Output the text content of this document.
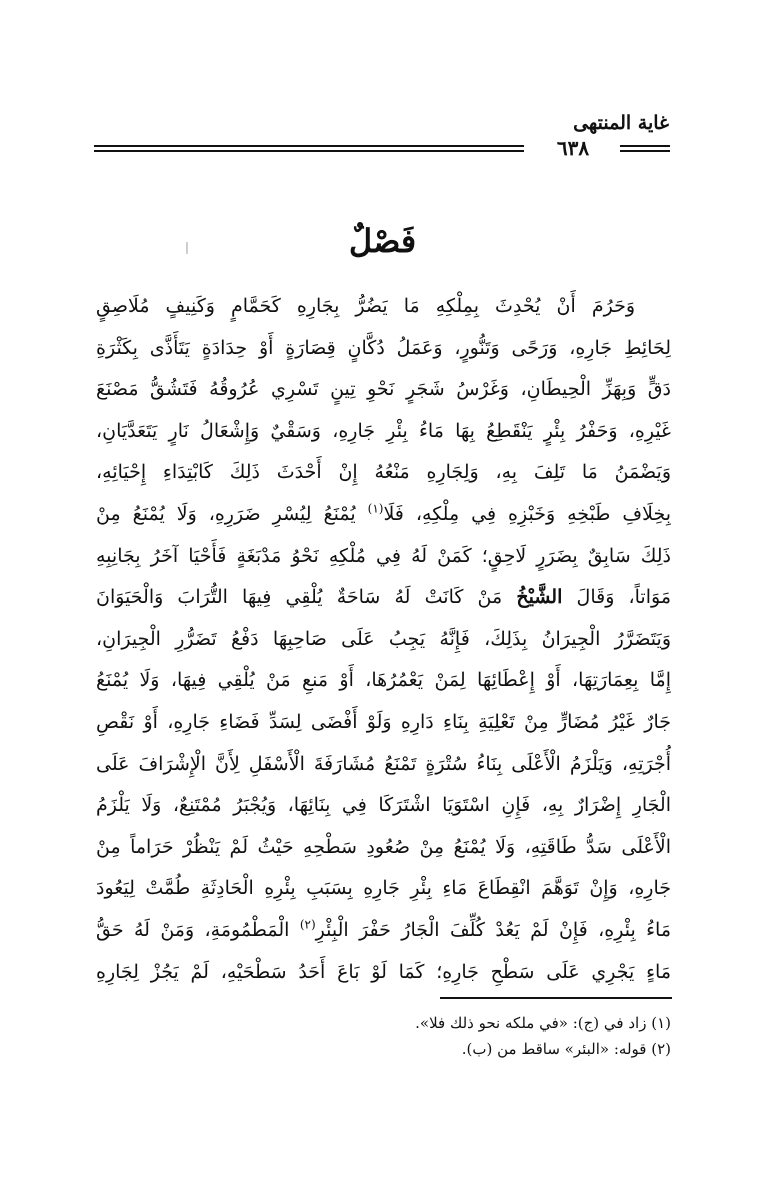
غاية المنتهى
٦٣٨
فَصْلٌ
وَحَرُمَ أَنْ يُحْدِثَ بِمِلْكِهِ مَا يَضُرُّ بِجَارِهِ كَحَمَّامٍ وَكَنِيفٍ مُلَاصِقٍ
لِحَائِطِ جَارِهِ، وَرَحًى وَتَنُّورٍ، وَعَمَلُ دُكَّانٍ قِصَارَةٍ أَوْ حِدَادَةٍ يَتَأَذَّى بِكَثْرَةِ
دَقٍّ وَبِهَزِّ الْحِيطَانِ، وَغَرْسُ شَجَرٍ نَحْوِ تِينٍ تَسْرِي عُرُوقُهُ فَتَشُقُّ مَصْنَعَ
غَيْرِهِ، وَحَفْرُ بِئْرٍ يَنْقَطِعُ بِهَا مَاءُ بِئْرِ جَارِهِ، وَسَقْيٌ وَإِشْعَالُ نَارٍ يَتَعَدَّيَانِ،
وَيَضْمَنُ مَا تَلِفَ بِهِ، وَلِجَارِهِ مَنْعُهُ إِنْ أَحْدَثَ ذَلِكَ كَابْتِدَاءِ إِحْيَائِهِ،
بِخِلَافِ طَبْخِهِ وَخَبْزِهِ فِي مِلْكِهِ، فَلَا$^{(١)}$ يُمْنَعُ لِيُسْرِ ضَرَرِهِ، وَلَا يُمْنَعُ مِنْ
ذَلِكَ سَابِقٌ بِضَرَرٍ لَاحِقٍ؛ كَمَنْ لَهُ فِي مُلْكِهِ نَحْوُ مَدْبَغَةٍ فَأَحْيَا آخَرُ بِجَانِبِهِ
مَوَاتاً، وَقَالَ الشَّيْخُ مَنْ كَانَتْ لَهُ سَاحَةٌ يُلْقِي فِيهَا التُّرَابَ وَالْحَيَوَانَ
وَيَتَضَرَّرُ الْجِيرَانُ بِذَلِكَ، فَإِنَّهُ يَجِبُ عَلَى صَاحِبِهَا دَفْعُ تَضَرُّرِ الْجِيرَانِ،
إِمَّا بِعِمَارَتِهَا، أَوْ إِعْطَائِهَا لِمَنْ يَعْمُرُهَا، أَوْ مَنعِ مَنْ يُلْقِي فِيهَا، وَلَا يُمْنَعُ
جَارٌ غَيْرُ مُضَارٍّ مِنْ تَعْلِيَةِ بِنَاءِ دَارِهِ وَلَوْ أَفْضَى لِسَدِّ فَضَاءِ جَارِهِ، أَوْ نَقْصِ
أُجْرَتِهِ، وَيَلْزَمُ الْأَعْلَى بِنَاءُ سُتْرَةٍ تَمْنَعُ مُشَارَفَةَ الْأَسْفَلِ لِأَنَّ الْإِشْرَافَ عَلَى
الْجَارِ إِضْرَارٌ بِهِ، فَإِنِ اسْتَوَيَا اشْتَرَكَا فِي بِنَائِهَا، وَيُجْبَرُ مُمْتَنِعٌ، وَلَا يَلْزَمُ
الْأَعْلَى سَدُّ طَاقَتِهِ، وَلَا يُمْنَعُ مِنْ صُعُودِ سَطْحِهِ حَيْثُ لَمْ يَنْظُرْ حَرَاماً مِنْ
جَارِهِ، وَإِنْ تَوَهَّمَ انْقِطَاعَ مَاءِ بِئْرِ جَارِهِ بِسَبَبِ بِئْرِهِ الْحَادِثَةِ طُمَّتْ لِيَعُودَ
مَاءُ بِئْرِهِ، فَإِنْ لَمْ يَعُدْ كُلِّفَ الْجَارُ حَفْرَ الْبِئْرِ$^{(٢)}$ الْمَطْمُومَةِ، وَمَنْ لَهُ حَقُّ
مَاءٍ يَجْرِي عَلَى سَطْحِ جَارِهِ؛ كَمَا لَوْ بَاعَ أَحَدُ سَطْحَيْهِ، لَمْ يَجُزْ لِجَارِهِ
(١) زاد في (ج): «في ملكه نحو ذلك فلا».
(٢) قوله: «البئر» ساقط من (ب).
